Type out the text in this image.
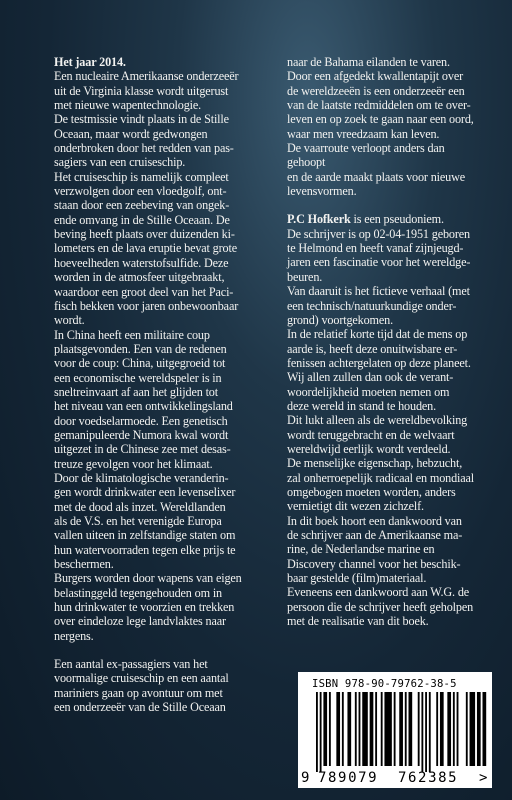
Het jaar 2014.

Een nucleaire Amerikaanse onderzeeër

uit de Virginia klasse wordt uitgerust

met nieuwe wapentechnologie.

De testmissie vindt plaats in de Stille

Oceaan, maar wordt gedwongen

onderbroken door het redden van pas-

sagiers van een cruiseschip.

Het cruiseschip is namelijk compleet

verzwolgen door een vloedgolf, ont-

staan door een zeebeving van ongek-

ende omvang in de Stille Oceaan. De

beving heeft plaats over duizenden ki-

lometers en de lava eruptie bevat grote

hoeveelheden waterstofsulfide. Deze

worden in de atmosfeer uitgebraakt,

waardoor een groot deel van het Paci-

fisch bekken voor jaren onbewoonbaar

wordt.

In China heeft een militaire coup

plaatsgevonden. Een van de redenen

voor de coup: China, uitgegroeid tot

een economische wereldspeler is in

sneltreinvaart af aan het glijden tot

het niveau van een ontwikkelingsland

door voedselarmoede. Een genetisch

gemanipuleerde Numora kwal wordt

uitgezet in de Chinese zee met desas-

treuze gevolgen voor het klimaat.

Door de klimatologische veranderin-

gen wordt drinkwater een levenselixer

met de dood als inzet. Wereldlanden

als de V.S. en het verenigde Europa

vallen uiteen in zelfstandige staten om

hun watervoorraden tegen elke prijs te

beschermen.

Burgers worden door wapens van eigen

belastinggeld tegengehouden om in

hun drinkwater te voorzien en trekken

over eindeloze lege landvlaktes naar

nergens.

Een aantal ex-passagiers van het

voormalige cruiseschip en een aantal

mariniers gaan op avontuur om met

een onderzeeër van de Stille Oceaan

naar de Bahama eilanden te varen.

Door een afgedekt kwallentapijt over

de wereldzeeën is een onderzeeër een

van de laatste redmiddelen om te over-

leven en op zoek te gaan naar een oord,

waar men vreedzaam kan leven.

De vaarroute verloopt anders dan gehoopt

en de aarde maakt plaats voor nieuwe

levensvormen.

P.C Hofkerk is een pseudoniem.

De schrijver is op 02-04-1951 geboren

te Helmond en heeft vanaf zijnjeugd-

jaren een fascinatie voor het wereldge-

beuren.

Van daaruit is het fictieve verhaal (met

een technisch/natuurkundige onder-

grond) voortgekomen.

In de relatief korte tijd dat de mens op

aarde is, heeft deze onuitwisbare er-

fenissen achtergelaten op deze planeet.

Wij allen zullen dan ook de verant-

woordelijkheid moeten nemen om

deze wereld in stand te houden.

Dit lukt alleen als de wereldbevolking

wordt teruggebracht en de welvaart

wereldwijd eerlijk wordt verdeeld.

De menselijke eigenschap, hebzucht,

zal onherroepelijk radicaal en mondiaal

omgebogen moeten worden, anders

vernietigt dit wezen zichzelf.

In dit boek hoort een dankwoord van

de schrijver aan de Amerikaanse ma-

rine, de Nederlandse marine en

Discovery channel voor het beschik-

baar gestelde (film)materiaal.

Eveneens een dankwoord aan W.G. de

persoon die de schrijver heeft geholpen

met de realisatie van dit boek.

ISBN 978-90-79762-38-5
9 789079 762385 >
